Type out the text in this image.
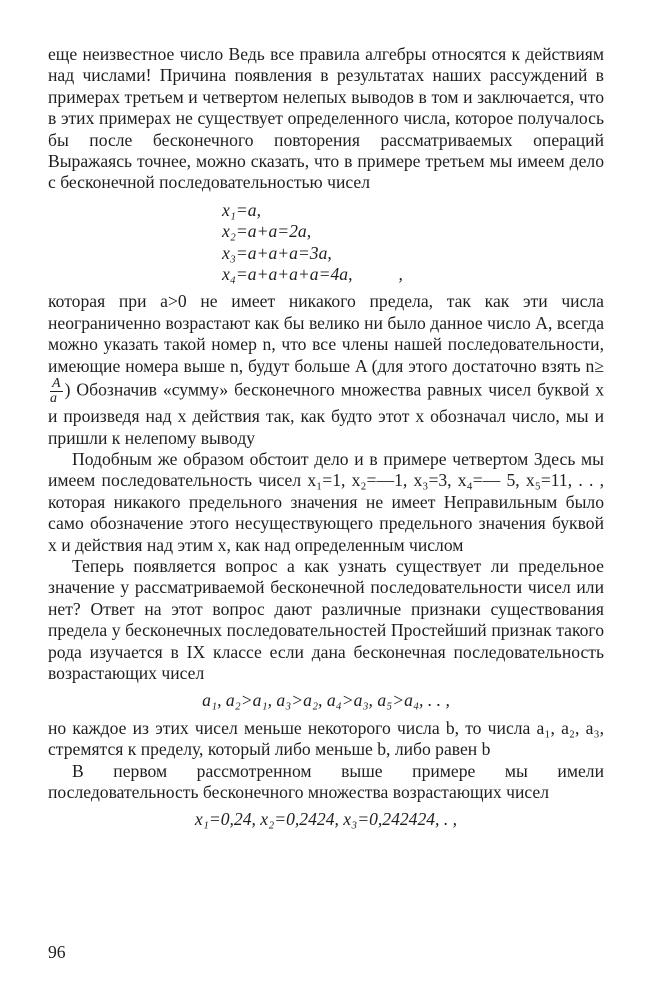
еще неизвестное число Ведь все правила алгебры относятся к действиям над числами! Причина появления в результатах наших рассуждений в примерах третьем и четвертом нелепых выводов в том и заключается, что в этих примерах не существует определенного числа, которое получалось бы после бесконечного повторения рассматриваемых операций Выражаясь точнее, можно сказать, что в примере третьем мы имеем дело с бесконечной последовательностью чисел

x₁=a,
x₂=a+a=2a,
x₃=a+a+a=3a,
x₄=a+a+a+a=4a,	,

которая при a>0 не имеет никакого предела, так как эти числа неограниченно возрастают как бы велико ни было данное число A, всегда можно указать такой номер n, что все члены нашей последовательности, имеющие номера выше n, будут больше A (для этого достаточно взять n≥
$\frac{A}{a}$ ) Обозначив «сумму» бесконечного множества равных чисел буквой x и произведя над x действия так, как будто этот x обозначал число, мы и пришли к нелепому выводу

Подобным же образом обстоит дело и в примере четвертом Здесь мы имеем последовательность чисел x₁=1, x₂=—1, x₃=3, x₄=— 5, x₅=11, . . , которая никакого предельного значения не имеет Неправильным было само обозначение этого несуществующего предельного значения буквой x и действия над этим x, как над определенным числом

Теперь появляется вопрос а как узнать существует ли предельное значение у рассматриваемой бесконечной последовательности чисел или нет? Ответ на этот вопрос дают различные признаки существования предела у бесконечных последовательностей Простейший признак такого рода изучается в IX классе если дана бесконечная последовательность возрастающих чисел

a₁, a₂>a₁, a₃>a₂, a₄>a₃, a₅>a₄, . . ,

но каждое из этих чисел меньше некоторого числа b, то числа a₁, a₂, a₃, стремятся к пределу, который либо меньше b, либо равен b

В первом рассмотренном выше примере мы имели последовательность бесконечного множества возрастающих чисел

x₁=0,24, x₂=0,2424, x₃=0,242424, . ,
96
